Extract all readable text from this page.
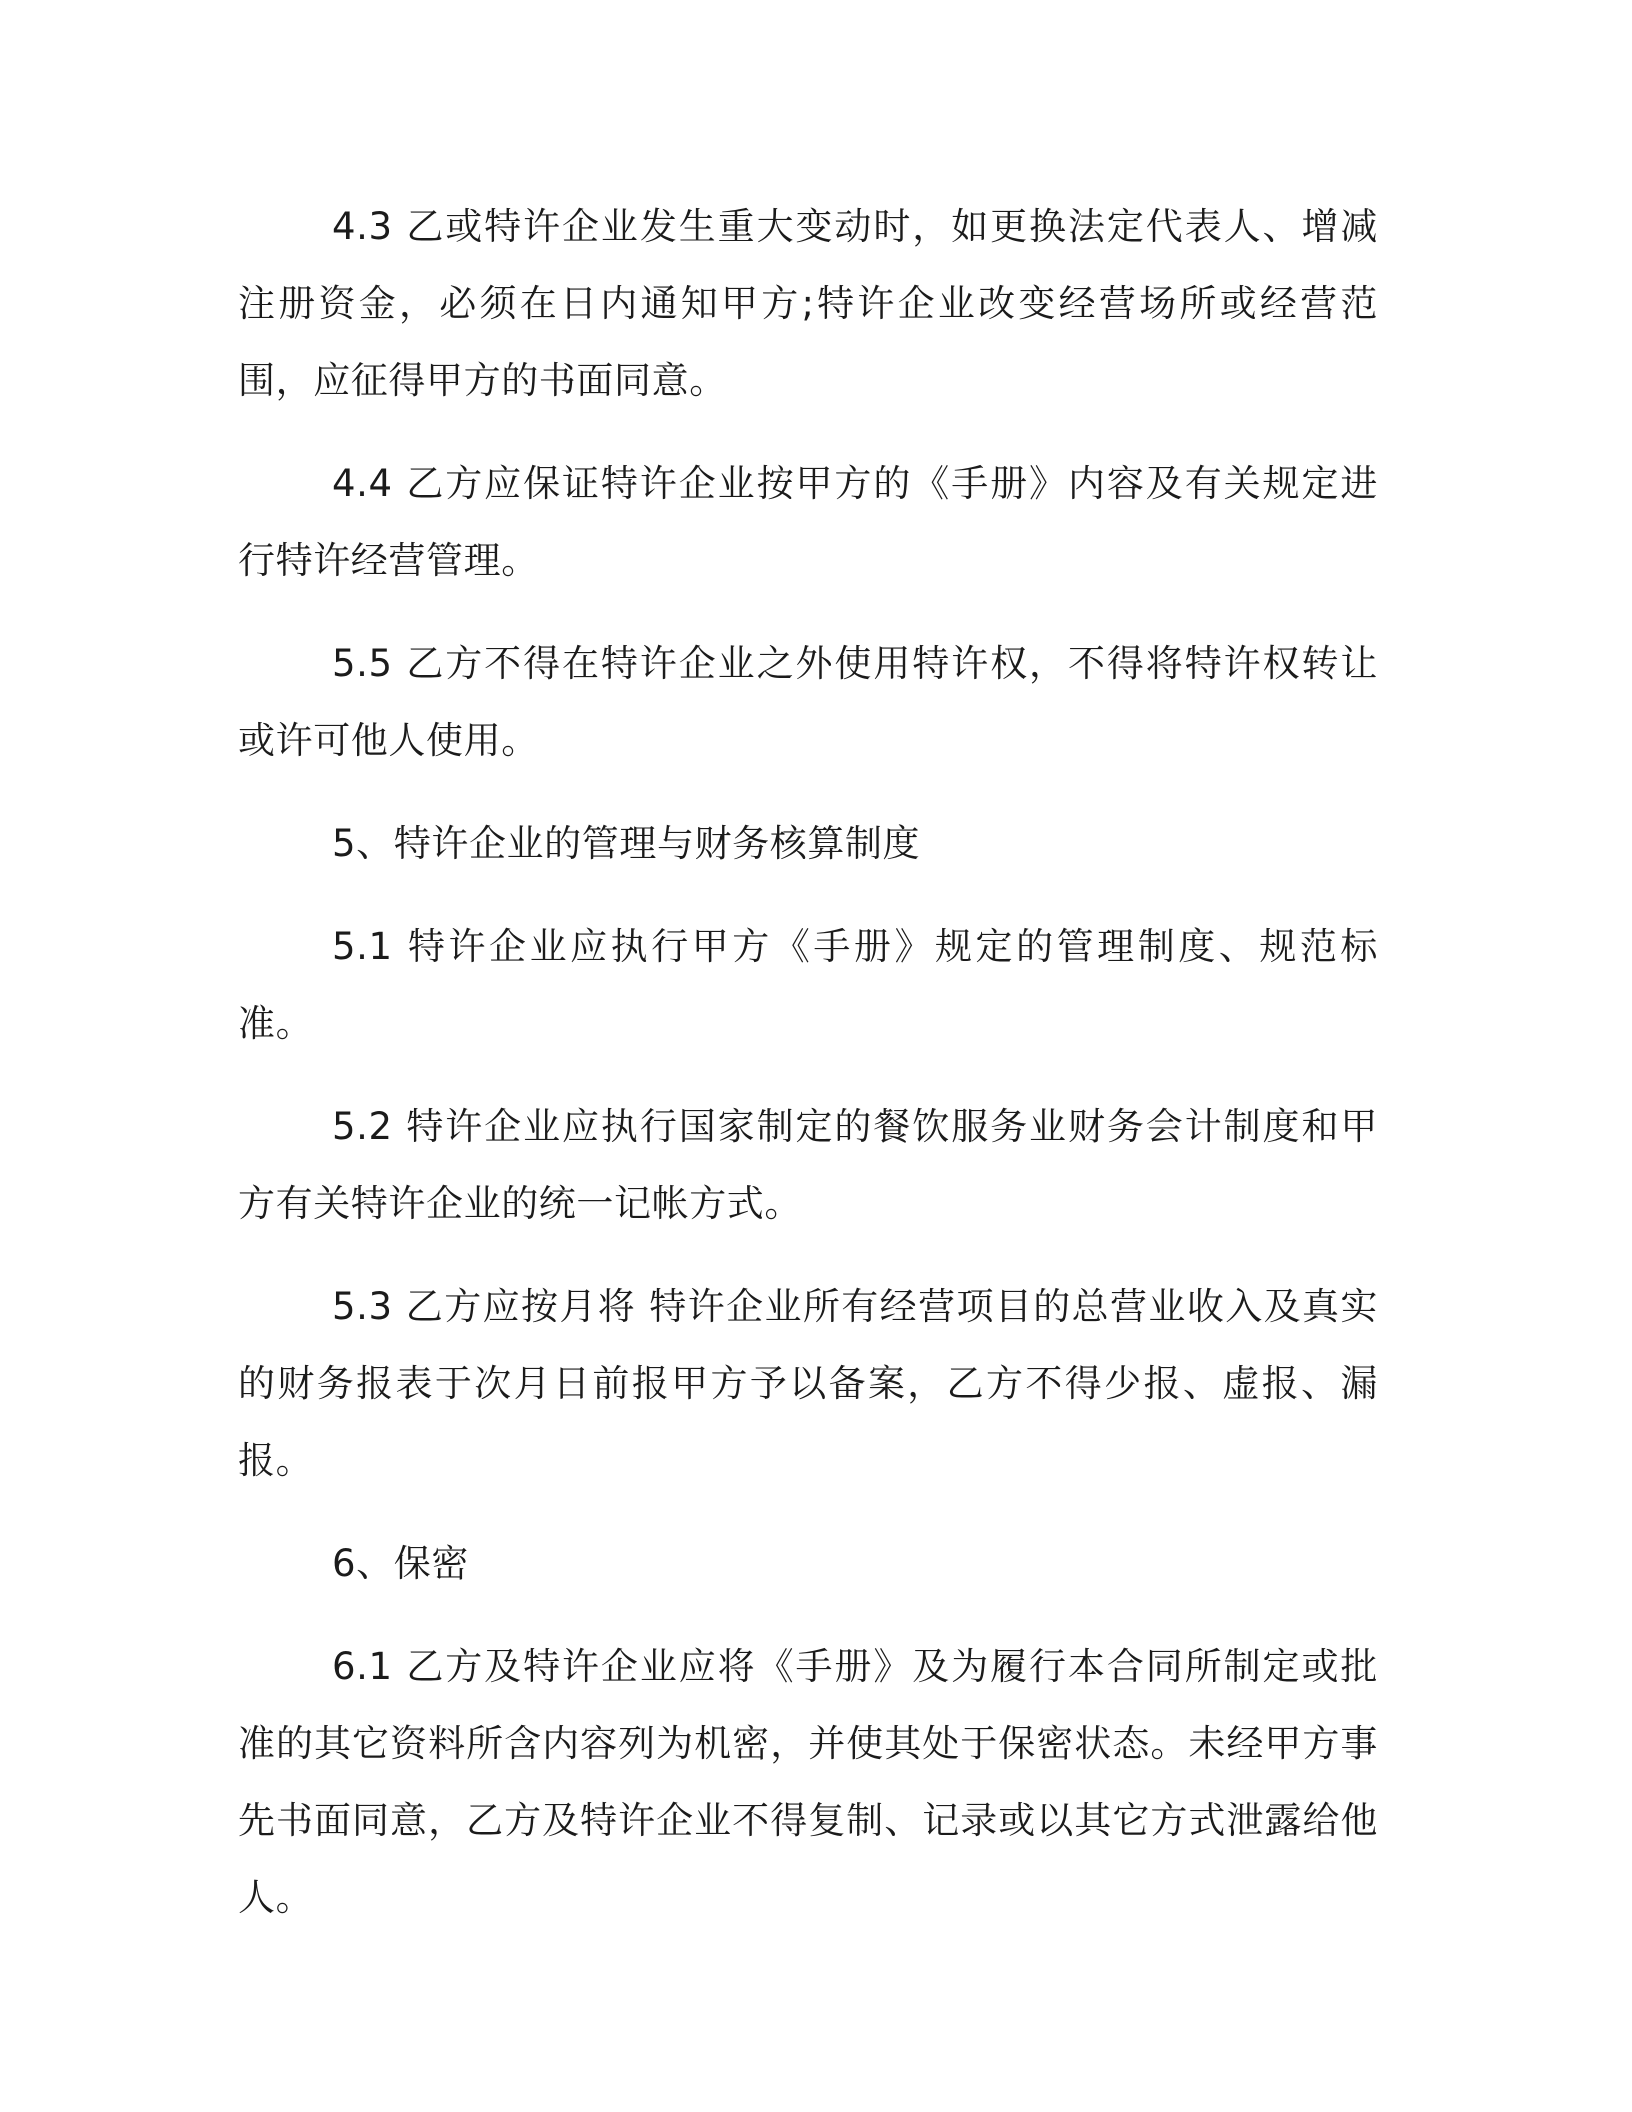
4.3 乙或特许企业发生重大变动时，如更换法定代表人、增减注册资金，必须在日内通知甲方;特许企业改变经营场所或经营范围，应征得甲方的书面同意。

4.4 乙方应保证特许企业按甲方的《手册》内容及有关规定进行特许经营管理。

5.5 乙方不得在特许企业之外使用特许权，不得将特许权转让或许可他人使用。

5、特许企业的管理与财务核算制度

5.1 特许企业应执行甲方《手册》规定的管理制度、规范标准。

5.2 特许企业应执行国家制定的餐饮服务业财务会计制度和甲方有关特许企业的统一记帐方式。

5.3 乙方应按月将 特许企业所有经营项目的总营业收入及真实的财务报表于次月日前报甲方予以备案，乙方不得少报、虚报、漏报。

6、保密

6.1 乙方及特许企业应将《手册》及为履行本合同所制定或批准的其它资料所含内容列为机密，并使其处于保密状态。未经甲方事先书面同意，乙方及特许企业不得复制、记录或以其它方式泄露给他人。
